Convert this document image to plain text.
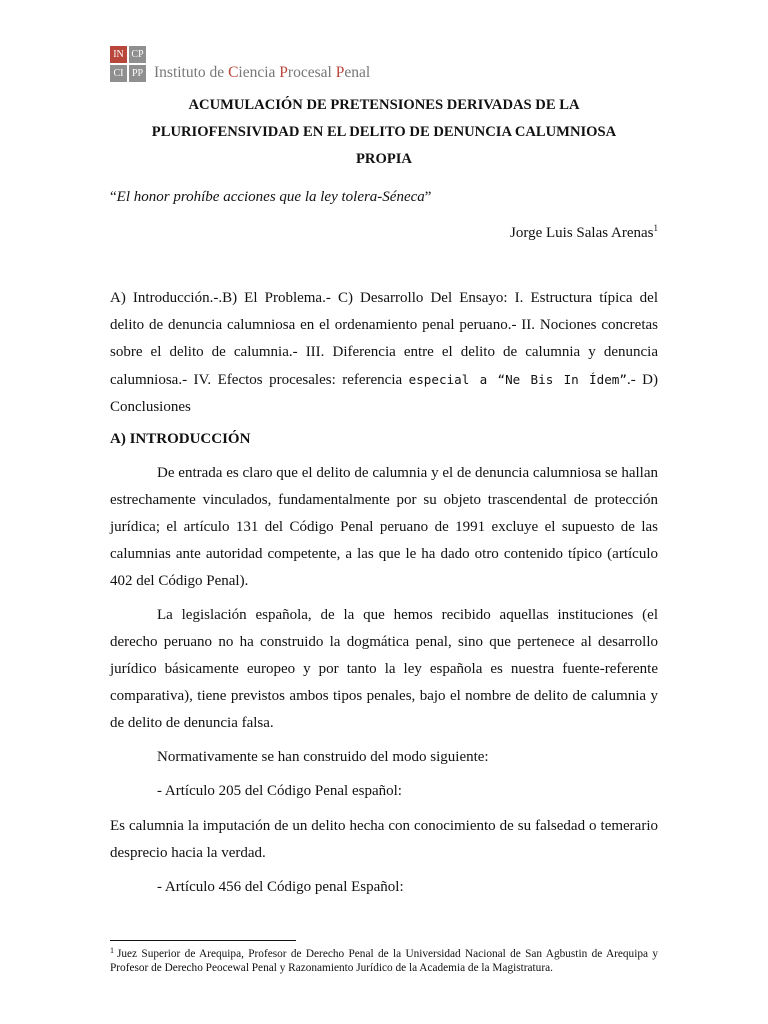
IN CP
CI PP Instituto de Ciencia Procesal Penal

ACUMULACIÓN DE PRETENSIONES DERIVADAS DE LA

PLURIOFENSIVIDAD EN EL DELITO DE DENUNCIA CALUMNIOSA

PROPIA

“El honor prohíbe acciones que la ley tolera-Séneca”
Jorge Luis Salas Arenas$^1$

A) Introducción.-.B) El Problema.- C) Desarrollo Del Ensayo: I. Estructura típica del delito de denuncia calumniosa en el ordenamiento penal peruano.- II. Nociones concretas sobre el delito de calumnia.- III. Diferencia entre el delito de calumnia y denuncia calumniosa.- IV. Efectos procesales: referencia especial a “Ne Bis In Ídem”.- D) Conclusiones

A) INTRODUCCIÓN

De entrada es claro que el delito de calumnia y el de denuncia calumniosa se hallan estrechamente vinculados, fundamentalmente por su objeto trascendental de protección jurídica; el artículo 131 del Código Penal peruano de 1991 excluye el supuesto de las calumnias ante autoridad competente, a las que le ha dado otro contenido típico (artículo 402 del Código Penal).

La legislación española, de la que hemos recibido aquellas instituciones (el derecho peruano no ha construido la dogmática penal, sino que pertenece al desarrollo jurídico básicamente europeo y por tanto la ley española es nuestra fuente-referente comparativa), tiene previstos ambos tipos penales, bajo el nombre de delito de calumnia y de delito de denuncia falsa.

Normativamente se han construido del modo siguiente:

- Artículo 205 del Código Penal español:

Es calumnia la imputación de un delito hecha con conocimiento de su falsedad o temerario desprecio hacia la verdad.

- Artículo 456 del Código penal Español:

$^1$ Juez Superior de Arequipa, Profesor de Derecho Penal de la Universidad Nacional de San Agbustin de Arequipa y Profesor de Derecho Peocewal Penal y Razonamiento Jurídico de la Academia de la Magistratura.
